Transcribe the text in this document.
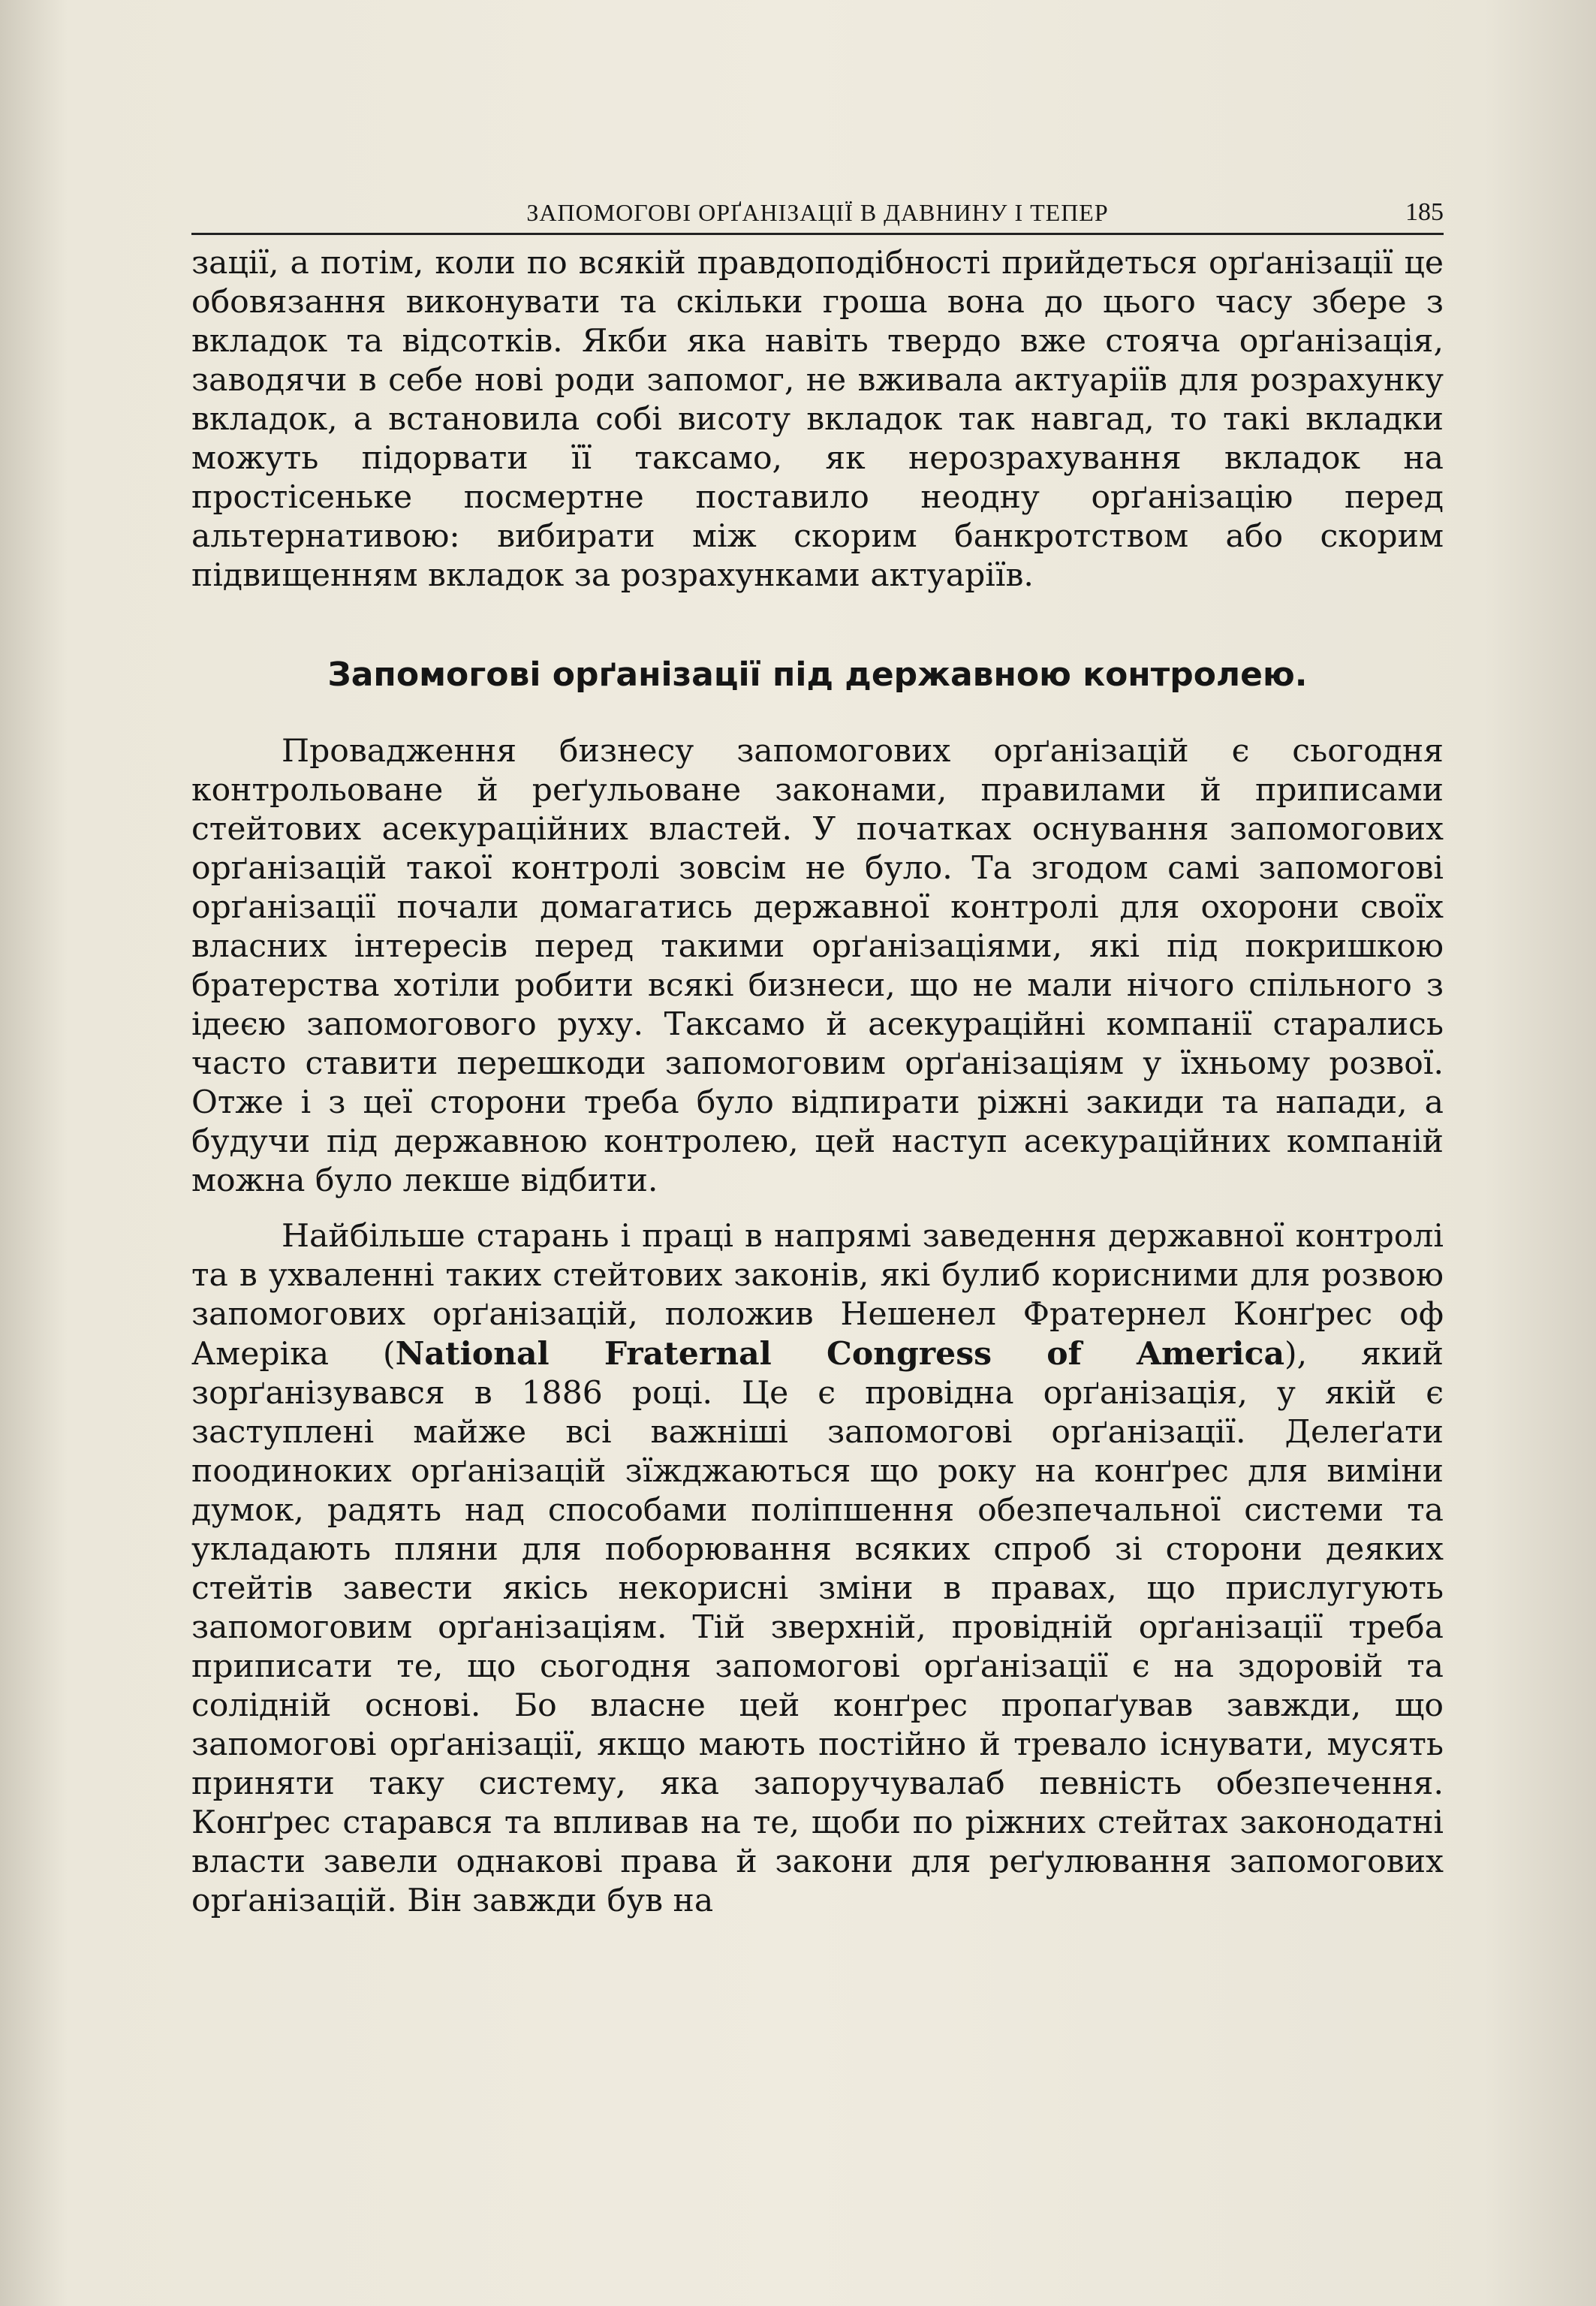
ЗАПОМОГОВІ ОРҐАНІЗАЦІЇ В ДАВНИНУ І ТЕПЕР	185

зації, а потім, коли по всякій правдоподібності прийдеться орґанізації це обовязання виконувати та скільки гроша вона до цього часу збере з вкладок та відсотків. Якби яка навіть твердо вже стояча орґанізація, заводячи в себе нові роди запомог, не вживала актуаріїв для розрахунку вкладок, а встановила собі висоту вкладок так навгад, то такі вкладки можуть підорвати її таксамо, як нерозрахування вкладок на простісеньке посмертне поставило неодну орґанізацію перед альтернативою: вибирати між скорим банкротством або скорим підвищенням вкладок за розрахунками актуаріїв.

Запомогові орґанізації під державною контролею.

Провадження бизнесу запомогових орґанізацій є сьогодня контрольоване й реґульоване законами, правилами й приписами стейтових асекураційних властей. У початках оснування запомогових орґанізацій такої контролі зовсім не було. Та згодом самі запомогові орґанізації почали домагатись державної контролі для охорони своїх власних інтересів перед такими орґанізаціями, які під покришкою братерства хотіли робити всякі бизнеси, що не мали нічого спільного з ідеєю запомогового руху. Таксамо й асекураційні компанії старались часто ставити перешкоди запомоговим орґанізаціям у їхньому розвої. Отже і з цеї сторони треба було відпирати ріжні закиди та напади, а будучи під державною контролею, цей наступ асекураційних компаній можна було лекше відбити.

Найбільше старань і праці в напрямі заведення державної контролі та в ухваленні таких стейтових законів, які булиб корисними для розвою запомогових орґанізацій, положив Нешенел Фратернел Конґрес оф Амеріка (National Fraternal Congress of America), який зорґанізувався в 1886 році. Це є провідна орґанізація, у якій є заступлені майже всі важніші запомогові орґанізації. Делеґати поодиноких орґанізацій зїжджаються що року на конґрес для виміни думок, радять над способами поліпшення обезпечальної системи та укладають пляни для поборювання всяких спроб зі сторони деяких стейтів завести якісь некорисні зміни в правах, що прислугують запомоговим орґанізаціям. Тій зверхній, провідній орґанізації треба приписати те, що сьогодня запомогові орґанізації є на здоровій та солідній основі. Бо власне цей конґрес пропаґував завжди, що запомогові орґанізації, якщо мають постійно й тревало існувати, мусять приняти таку систему, яка запоручувалаб певність обезпечення. Конґрес старався та впливав на те, щоби по ріжних стейтах законодатні власти завели однакові права й закони для реґулювання запомогових орґанізацій. Він завжди був на
